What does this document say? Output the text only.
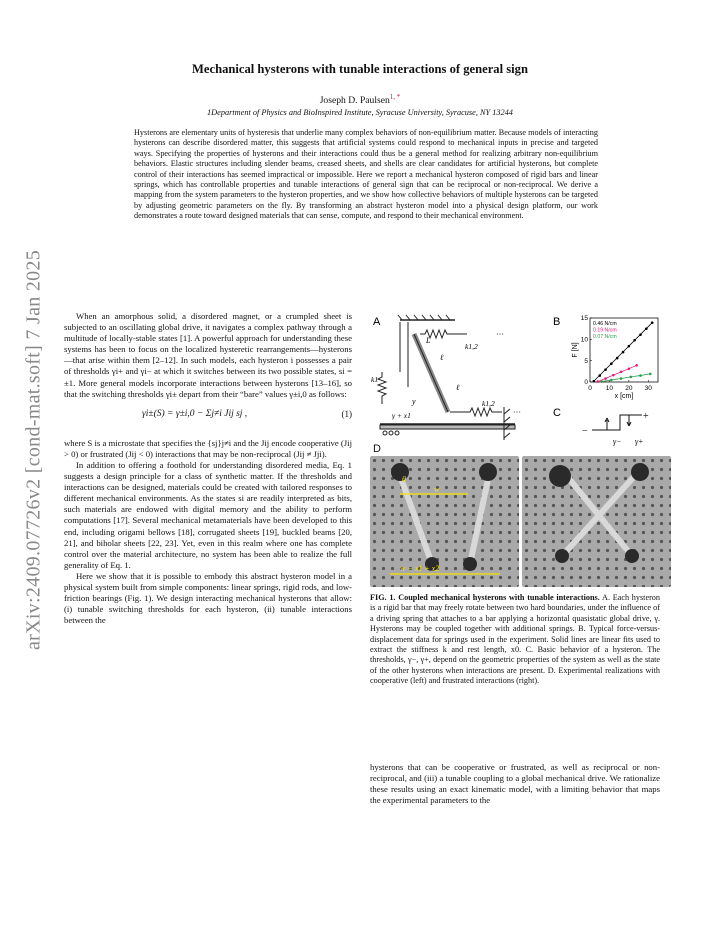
arXiv:2409.07726v2 [cond-mat.soft] 7 Jan 2025
Mechanical hysterons with tunable interactions of general sign
Joseph D. Paulsen$^{1, *}$
1Department of Physics and BioInspired Institute, Syracuse University, Syracuse, NY 13244
Hysterons are elementary units of hysteresis that underlie many complex behaviors of non-equilibrium matter. Because models of interacting hysterons can describe disordered matter, this suggests that artificial systems could respond to mechanical inputs in precise and targeted ways. Specifying the properties of hysterons and their interactions could thus be a general method for realizing arbitrary non-equilibrium behaviors. Elastic structures including slender beams, creased sheets, and shells are clear candidates for artificial hysterons, but complete control of their interactions has seemed impractical or impossible. Here we report a mechanical hysteron composed of rigid bars and linear springs, which has controllable properties and tunable interactions of general sign that can be reciprocal or non-reciprocal. We derive a mapping from the system parameters to the hysteron properties, and we show how collective behaviors of multiple hysterons can be targeted by adjusting geometric parameters on the fly. By transforming an abstract hysteron model into a physical design platform, our work demonstrates a route toward designed materials that can sense, compute, and respond to their mechanical environment.

When an amorphous solid, a disordered magnet, or a crumpled sheet is subjected to an oscillating global drive, it navigates a complex pathway through a multitude of locally-stable states [1]. A powerful approach for understanding these systems has been to focus on the localized hysteretic rearrangements—hysterons—that arise within them [2–12]. In such models, each hysteron i possesses a pair of thresholds γi+ and γi− at which it switches between its two possible states, si = ±1. More general models incorporate interactions between hysterons [13–16], so that the switching thresholds γi± depart from their “bare” values γ±i,0 as follows:

γi±(S) = γ±i,0 − Σj≠i Jij sj ,	(1)

where S is a microstate that specifies the {sj}j≠i and the Jij encode cooperative (Jij > 0) or frustrated (Jij < 0) interactions that may be non-reciprocal (Jij ≠ Jji).

In addition to offering a foothold for understanding disordered media, Eq. 1 suggests a design principle for a class of synthetic matter. If the thresholds and interactions can be designed, materials could be created with tailored responses to different mechanical environments. As the states si are readily interpreted as bits, such materials are endowed with digital memory and the ability to perform computations [17]. Several mechanical metamaterials have been developed to this end, including origami bellows [18], corrugated sheets [19], buckled beams [20, 21], and biholar sheets [22, 23]. Yet, even in this realm where one has complete control over the material architecture, no system has been able to realize the full generality of Eq. 1.

Here we show that it is possible to embody this abstract hysteron model in a physical system built from simple components: linear springs, rigid rods, and low-friction bearings (Fig. 1). We design interacting mechanical hysterons that allow: (i) tunable switching thresholds for each hysteron, (ii) tunable interactions between the

A
L
k1,2
k1,2
k1
ℓ
ℓ
y
γ + x1
···
···
B
0 10 20 30
0
5
10
15
x [cm]
F [N]
0.46 N/cm
0.19 N/cm
0.07 N/cm
C	+
−
γ− γ+
D
θ
w
w − x1 + x2
FIG. 1. Coupled mechanical hysterons with tunable interactions. A. Each hysteron is a rigid bar that may freely rotate between two hard boundaries, under the influence of a driving spring that attaches to a bar applying a horizontal quasistatic global drive, γ. Hysterons may be coupled together with additional springs. B. Typical force-versus-displacement data for springs used in the experiment. Solid lines are linear fits used to extract the stiffness k and rest length, x0. C. Basic behavior of a hysteron. The thresholds, γ−, γ+, depend on the geometric properties of the system as well as the state of the other hysterons when interactions are present. D. Experimental realizations with cooperative (left) and frustrated interactions (right).
hysterons that can be cooperative or frustrated, as well as reciprocal or non-reciprocal, and (iii) a tunable coupling to a global mechanical drive. We rationalize these results using an exact kinematic model, with a limiting behavior that maps the experimental parameters to the
